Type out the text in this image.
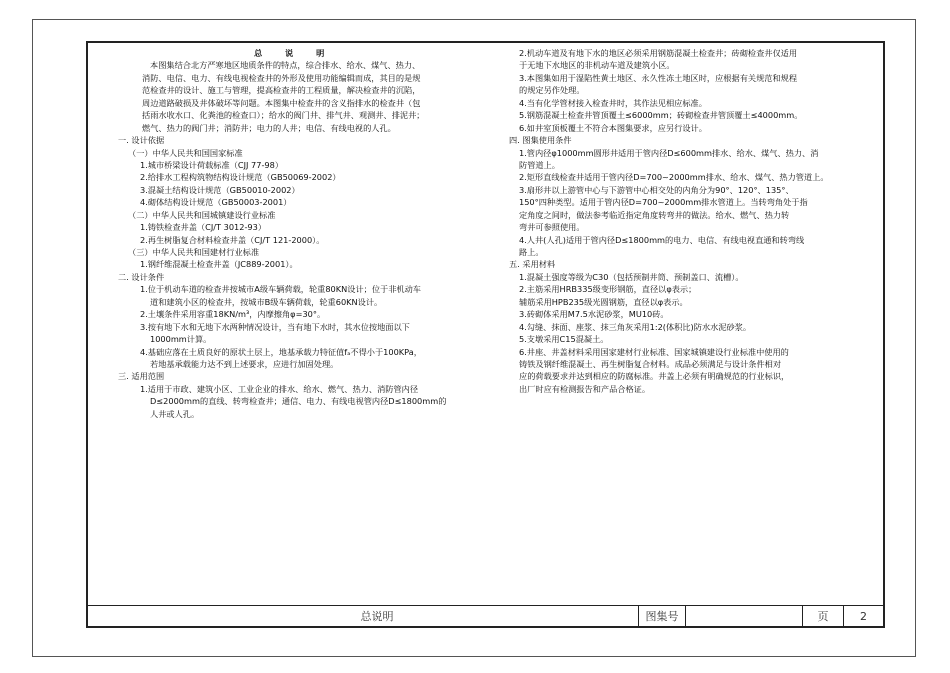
总 说 明
本图集结合北方严寒地区地质条件的特点，综合排水、给水、煤气、热力、
消防、电信、电力、有线电视检查井的外形及使用功能编辑而成，其目的是规
范检查井的设计、施工与管理，提高检查井的工程质量，解决检查井的沉陷，
周边道路破损及井体破坏等问题。本图集中检查井的含义指排水的检查井（包
括雨水收水口、化粪池的检查口）；给水的阀门井、排气井、观测井、排泥井；
燃气、热力的阀门井；消防井；电力的人井；电信、有线电视的人孔。
一. 设计依据
（一）中华人民共和国国家标准
1.城市桥梁设计荷载标准（CJJ 77-98）
2.给排水工程构筑物结构设计规范（GB50069-2002）
3.混凝土结构设计规范（GB50010-2002）
4.砌体结构设计规范（GB50003-2001）
（二）中华人民共和国城镇建设行业标准
1.铸铁检查井盖（CJ/T 3012-93）
2.再生树脂复合材料检查井盖（CJ/T 121-2000）。
（三）中华人民共和国建材行业标准
1.钢纤维混凝土检查井盖（JC889-2001）。
二. 设计条件
1.位于机动车道的检查井按城市A级车辆荷载，轮重80KN设计；位于非机动车
道和建筑小区的检查井，按城市B级车辆荷载，轮重60KN设计。
2.土壤条件采用容重18KN/m³，内摩擦角φ=30°。
3.按有地下水和无地下水两种情况设计，当有地下水时，其水位按地面以下
1000mm计算。
4.基础应落在土质良好的原状土层上，地基承载力特征值fₐ不得小于100KPa，
若地基承载能力达不到上述要求，应进行加固处理。
三. 适用范围
1.适用于市政、建筑小区、工业企业的排水、给水、燃气、热力、消防管内径
D≤2000mm的直线、转弯检查井；通信、电力、有线电视管内径D≤1800mm的
人井或人孔。
2.机动车道及有地下水的地区必须采用钢筋混凝土检查井；砖砌检查井仅适用
于无地下水地区的非机动车道及建筑小区。
3.本图集如用于湿陷性黄土地区、永久性冻土地区时，应根据有关规范和规程
的规定另作处理。
4.当有化学管材接入检查井时，其作法见相应标准。
5.钢筋混凝土检查井管顶覆土≤6000mm；砖砌检查井管顶覆土≤4000mm。
6.如井室顶板覆土不符合本图集要求，应另行设计。
四. 图集使用条件
1.管内径φ1000mm圆形井适用于管内径D≤600mm排水、给水、煤气、热力、消
防管道上。
2.矩形直线检查井适用于管内径D=700~2000mm排水、给水、煤气、热力管道上。
3.扇形井以上游管中心与下游管中心相交处的内角分为90°、120°、135°、
150°四种类型。适用于管内径D=700~2000mm排水管道上。当转弯角处于指
定角度之间时，做法参考临近指定角度转弯井的做法。给水、燃气、热力转
弯井可参照使用。
4.人井(人孔)适用于管内径D≤1800mm的电力、电信、有线电视直通和转弯线
路上。
五. 采用材料
1.混凝土强度等级为C30（包括预制井筒、预制盖口、流槽）。
2.主筋采用HRB335级变形钢筋，直径以φ表示；
辅筋采用HPB235级光圆钢筋，直径以φ表示。
3.砖砌体采用M7.5水泥砂浆，MU10砖。
4.勾缝、抹面、座浆、抹三角灰采用1:2(体积比)防水水泥砂浆。
5.支墩采用C15混凝土。
6.井座、井盖材料采用国家建材行业标准、国家城镇建设行业标准中使用的
铸铁及钢纤维混凝土、再生树脂复合材料。成品必须满足与设计条件相对
应的荷载要求并达到相应的防腐标准。井盖上必须有明确规范的行业标识，
出厂时应有检测报告和产品合格证。
总说明	图集号	页	2
